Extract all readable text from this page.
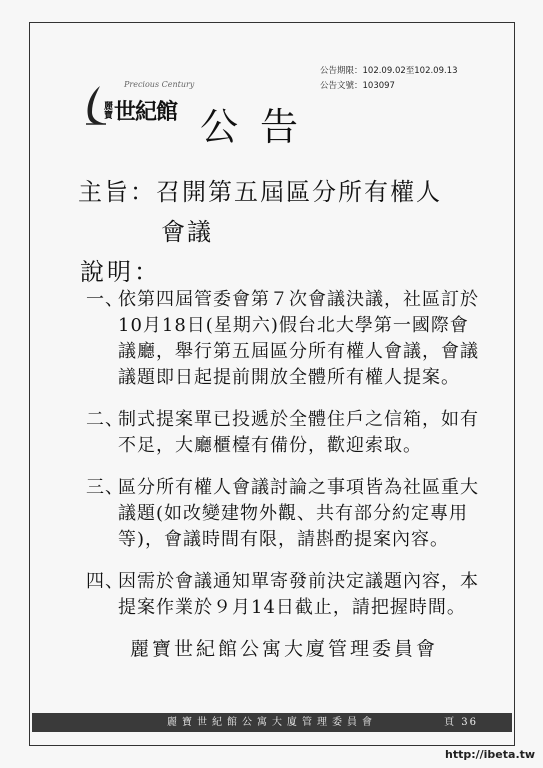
公告期限：102.09.02至102.09.13
公告文號：103097
Precious Century
麗寶 世紀館 公告
主旨：召開第五屆區分所有權人
會議
說明：
一、
依第四屆管委會第７次會議決議，社區訂於10月18日(星期六)假台北大學第一國際會議廳，舉行第五屆區分所有權人會議，會議議題即日起提前開放全體所有權人提案。
二、
制式提案單已投遞於全體住戶之信箱，如有不足，大廳櫃檯有備份，歡迎索取。
三、
區分所有權人會議討論之事項皆為社區重大議題(如改變建物外觀、共有部分約定專用等)，會議時間有限，請斟酌提案內容。
四、
因需於會議通知單寄發前決定議題內容，本提案作業於９月14日截止，請把握時間。
麗寶世紀館公寓大廈管理委員會
麗寶世紀館公寓大廈管理委員會	頁 36
http://ibeta.tw
